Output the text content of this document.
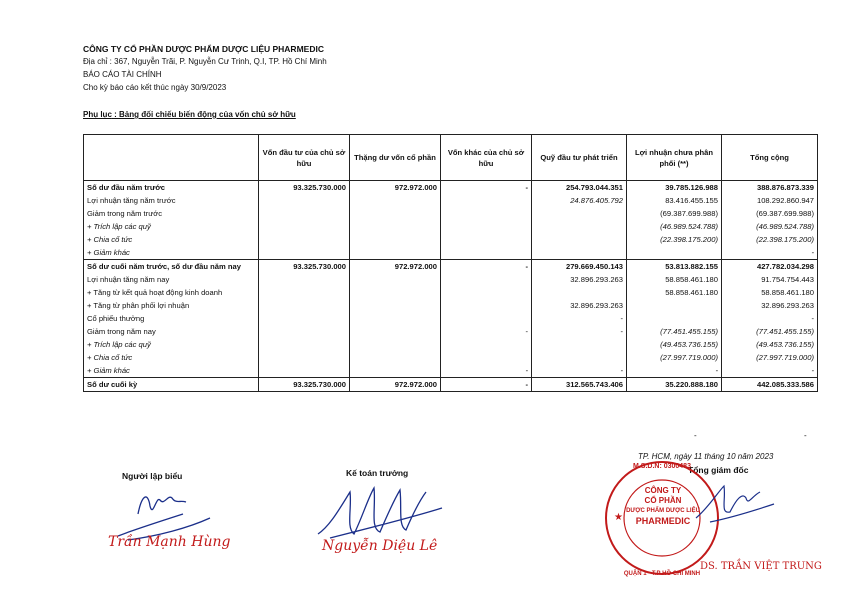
CÔNG TY CỔ PHẦN DƯỢC PHẨM DƯỢC LIỆU PHARMEDIC
Địa chỉ : 367, Nguyễn Trãi, P. Nguyễn Cư Trinh, Q.I, TP. Hồ Chí Minh
BÁO CÁO TÀI CHÍNH
Cho kỳ báo cáo kết thúc ngày 30/9/2023
Phụ lục : Bảng đối chiếu biến động của vốn chủ sở hữu
	Vốn đầu tư của chủ sở hữu	Thặng dư vốn cổ phần	Vốn khác của chủ sở hữu	Quỹ đầu tư phát triển	Lợi nhuận chưa phân phối (**)	Tổng cộng
Số dư đầu năm trước	93.325.730.000	972.972.000	-	254.793.044.351	39.785.126.988	388.876.873.339
Lợi nhuận tăng năm trước				24.876.405.792	83.416.455.155	108.292.860.947
Giảm trong năm trước					(69.387.699.988)	(69.387.699.988)
+ Trích lập các quỹ					(46.989.524.788)	(46.989.524.788)
+ Chia cổ tức					(22.398.175.200)	(22.398.175.200)
+ Giảm khác						-
Số dư cuối năm trước, số dư đầu năm nay	93.325.730.000	972.972.000	-	279.669.450.143	53.813.882.155	427.782.034.298
Lợi nhuận tăng năm nay				32.896.293.263	58.858.461.180	91.754.754.443
+ Tăng từ kết quả hoạt động kinh doanh					58.858.461.180	58.858.461.180
+ Tăng từ phân phối lợi nhuận				32.896.293.263		32.896.293.263
Cổ phiếu thưởng				-		-
Giảm trong năm nay			-	-	(77.451.455.155)	(77.451.455.155)
+ Trích lập các quỹ					(49.453.736.155)	(49.453.736.155)
+ Chia cổ tức					(27.997.719.000)	(27.997.719.000)
+ Giảm khác			-	-	-	-
Số dư cuối kỳ	93.325.730.000	972.972.000	-	312.565.743.406	35.220.888.180	442.085.333.586
-	-
Người lập biểu
Trần Mạnh Hùng
Kế toán trưởng
Nguyễn Diệu Lê
TP. HCM, ngày 11 tháng 10 năm 2023
Tổng giám đốc
M.S.D.N: 0300483
QUẬN 1 - T.P HỒ CHÍ MINH
★
CÔNG TY
CỔ PHẦN
DƯỢC PHẨM DƯỢC LIỆU
PHARMEDIC
DS. TRẦN VIỆT TRUNG
